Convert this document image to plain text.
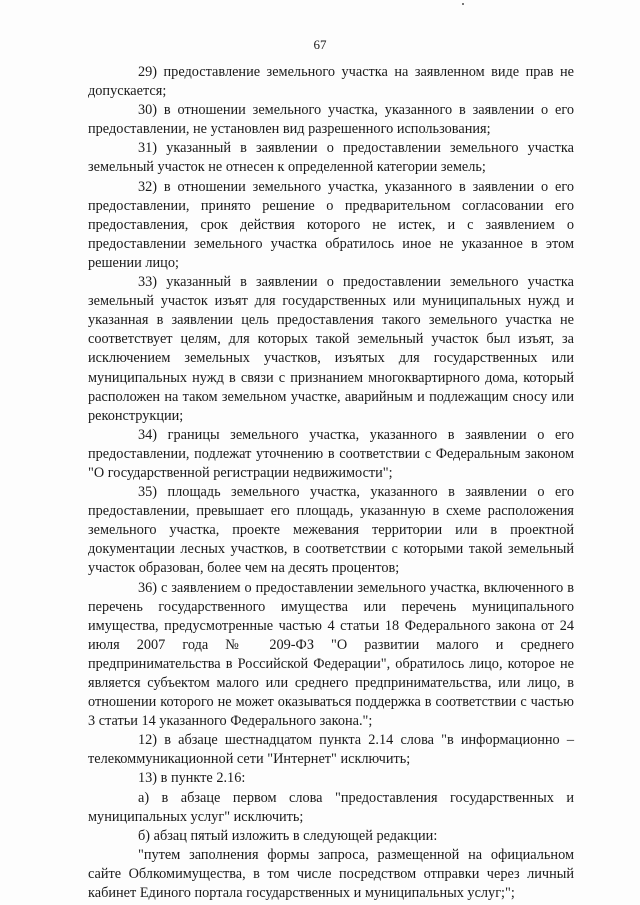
67

29) предоставление земельного участка на заявленном виде прав не допускается;

30) в отношении земельного участка, указанного в заявлении о его предоставлении, не установлен вид разрешенного использования;

31) указанный в заявлении о предоставлении земельного участка земельный участок не отнесен к определенной категории земель;

32) в отношении земельного участка, указанного в заявлении о его предоставлении, принято решение о предварительном согласовании его предоставления, срок действия которого не истек, и с заявлением о предоставлении земельного участка обратилось иное не указанное в этом решении лицо;

33) указанный в заявлении о предоставлении земельного участка земельный участок изъят для государственных или муниципальных нужд и указанная в заявлении цель предоставления такого земельного участка не соответствует целям, для которых такой земельный участок был изъят, за исключением земельных участков, изъятых для государственных или муниципальных нужд в связи с признанием многоквартирного дома, который расположен на таком земельном участке, аварийным и подлежащим сносу или реконструкции;

34) границы земельного участка, указанного в заявлении о его предоставлении, подлежат уточнению в соответствии с Федеральным законом "О государственной регистрации недвижимости";

35) площадь земельного участка, указанного в заявлении о его предоставлении, превышает его площадь, указанную в схеме расположения земельного участка, проекте межевания территории или в проектной документации лесных участков, в соответствии с которыми такой земельный участок образован, более чем на десять процентов;

36) с заявлением о предоставлении земельного участка, включенного в перечень государственного имущества или перечень муниципального имущества, предусмотренные частью 4 статьи 18 Федерального закона от 24 июля 2007 года № 209-ФЗ "О развитии малого и среднего предпринимательства в Российской Федерации", обратилось лицо, которое не является субъектом малого или среднего предпринимательства, или лицо, в отношении которого не может оказываться поддержка в соответствии с частью 3 статьи 14 указанного Федерального закона.";

12) в абзаце шестнадцатом пункта 2.14 слова "в информационно – телекоммуникационной сети "Интернет" исключить;

13) в пункте 2.16:

а) в абзаце первом слова "предоставления государственных и муниципальных услуг" исключить;

б) абзац пятый изложить в следующей редакции:

"путем заполнения формы запроса, размещенной на официальном сайте Облкомимущества, в том числе посредством отправки через личный кабинет Единого портала государственных и муниципальных услуг;";
